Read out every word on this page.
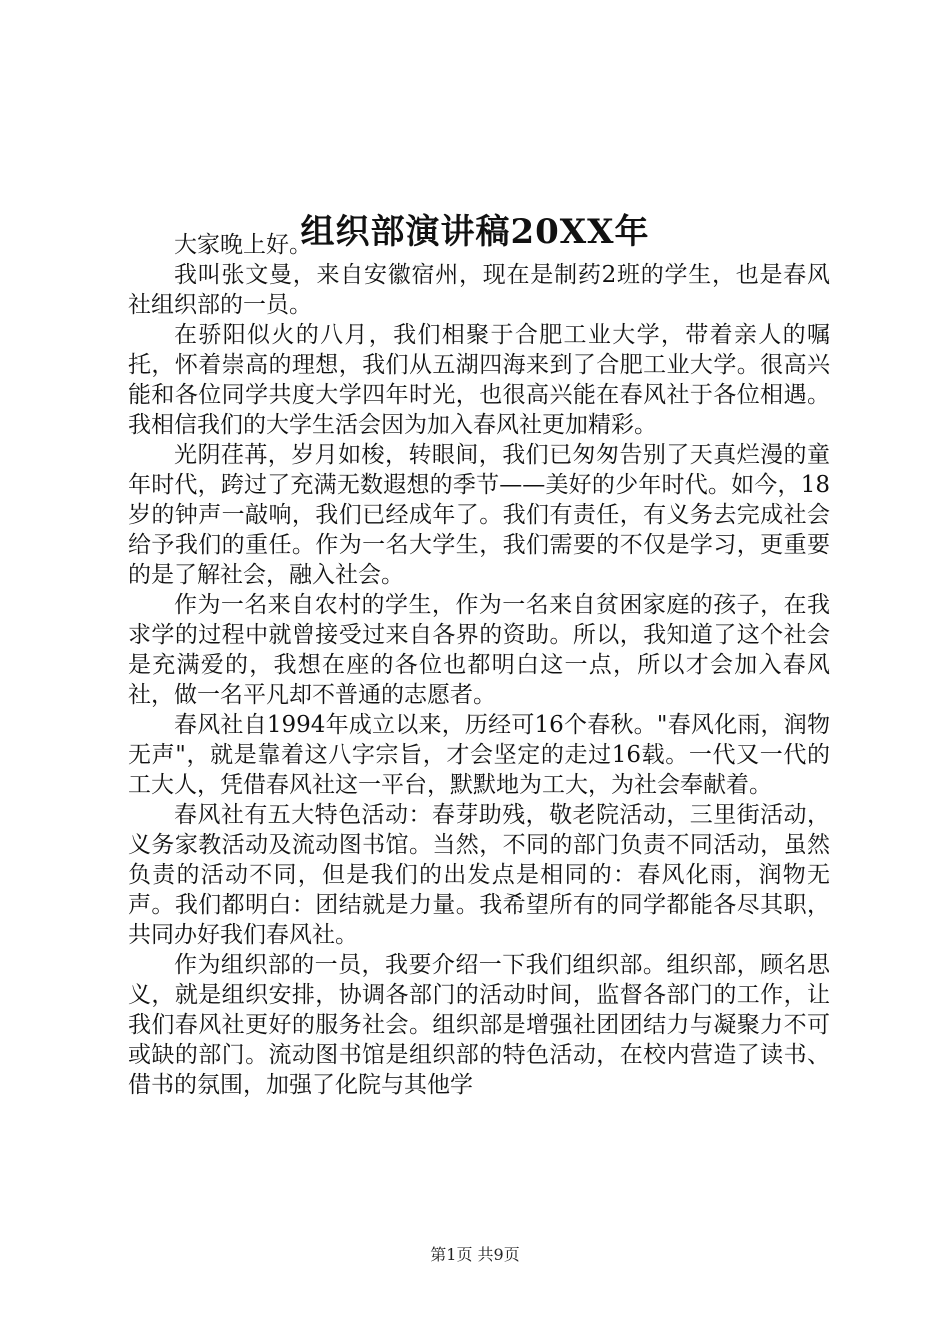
组织部演讲稿20XX年

大家晚上好。

我叫张文曼，来自安徽宿州，现在是制药2班的学生，也是春风社组织部的一员。

在骄阳似火的八月，我们相聚于合肥工业大学，带着亲人的嘱托，怀着崇高的理想，我们从五湖四海来到了合肥工业大学。很高兴能和各位同学共度大学四年时光，也很高兴能在春风社于各位相遇。我相信我们的大学生活会因为加入春风社更加精彩。

光阴荏苒，岁月如梭，转眼间，我们已匆匆告别了天真烂漫的童年时代，跨过了充满无数遐想的季节——美好的少年时代。如今，18岁的钟声一敲响，我们已经成年了。我们有责任，有义务去完成社会给予我们的重任。作为一名大学生，我们需要的不仅是学习，更重要的是了解社会，融入社会。

作为一名来自农村的学生，作为一名来自贫困家庭的孩子，在我求学的过程中就曾接受过来自各界的资助。所以，我知道了这个社会是充满爱的，我想在座的各位也都明白这一点，所以才会加入春风社，做一名平凡却不普通的志愿者。

春风社自1994年成立以来，历经可16个春秋。"春风化雨，润物无声"，就是靠着这八字宗旨，才会坚定的走过16载。一代又一代的工大人，凭借春风社这一平台，默默地为工大，为社会奉献着。

春风社有五大特色活动：春芽助残，敬老院活动，三里街活动，义务家教活动及流动图书馆。当然，不同的部门负责不同活动，虽然负责的活动不同，但是我们的出发点是相同的：春风化雨，润物无声。我们都明白：团结就是力量。我希望所有的同学都能各尽其职，共同办好我们春风社。

作为组织部的一员，我要介绍一下我们组织部。组织部，顾名思义，就是组织安排，协调各部门的活动时间，监督各部门的工作，让我们春风社更好的服务社会。组织部是增强社团团结力与凝聚力不可或缺的部门。流动图书馆是组织部的特色活动，在校内营造了读书、借书的氛围，加强了化院与其他学

第1页 共9页
